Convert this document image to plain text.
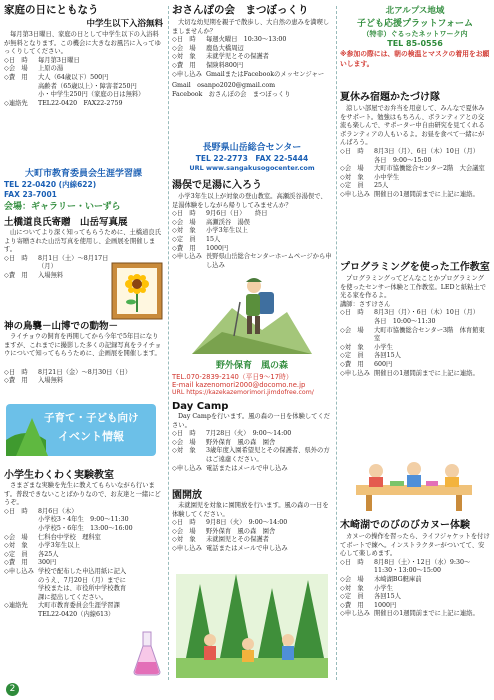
家庭の日にともなう

中学生以下入浴無料

毎月第3日曜日、家庭の日として中学生以下の入浴料が無料となります。この機会に大きなお風呂に入ってゆっくりしてください。

◇日　時	毎月第3日曜日
◇会　場	上原の湯
◇費　用	大人（64歳以下）500円
高齢者（65歳以上）・障害者250円
小・中学生250円（家庭の日は無料）
◇連絡先	TEL22-0420　FAX22-2759
大町市教育委員会生涯学習課
TEL 22-0420 (内線622)
FAX 23-7001
会場：ギャラリー・いーずら

土橋道良氏寄贈　山岳写真展

山についてより深く知ってもらうために、土橋道良氏より寄贈された山岳写真を使用し、企画展を開催します。

◇日　時	8月1日（土）～8月17日（月）
◇費　用	入場無料

神の鳥襲－山博での動物－

ライチョウの飼育を再開してから今年で5年目になりますが、これまでに撮影した多くの記録写真をライチョウについて知ってもらうために、企画展を開催します。

◇日　時	8月21日（金）～8月30日（日）
◇費　用	入場無料
子育て・子ども向け
イベント情報

小学生わくわく実験教室

さまざまな実験を先生に教えてもらいながら行います。普段できないことばかりなので、お友達と一緒にどうぞ。

◇日　時	8月6日（木）
小学校3・4年生　9:00～11:30
小学校5・6年生　13:00～16:00
◇会　場	仁科台中学校　理科室
◇対　象	小学3年生以上
◇定　員	各25人
◇費　用	300円
◇申し込み 学校で配布した申込用紙に記入のうえ、7月20日（月）までに学校または、市役所中学校教育課に提出してください。
◇連絡先	大町市教育委員会生涯学習課
TEL22-0420（内線613）
2

おさんぽの会　まつぼっくり

大切な幼児期を親子で散歩し、大自然の恵みを満喫しましませんか？

◇日　時	毎週火曜日　10:30～13:00
◇会　場	鹿島大橋周辺
◇対　象	未就学児とその保護者
◇費　用	保険料800円
◇申し込み GmailまたはFacebookのメッセンジャー

Gmail　osanpo2020@gmail.com

Facebook　おさんぽの会　まつぼっくり

長野県山岳総合センター
TEL 22-2773　FAX 22-5444
URL www.sangakusogocenter.com

湯俣で足湯に入ろう

小学3年生以上が対象の登山教室。高瀬渓谷湯俣で、足湯体験をしながら帰りしてみませんか？

◇日　時	9月6日（日）　　終日
◇会　場	高瀬渓谷　湯俣
◇対　象	小学3年生以上
◇定　員	15人
◇費　用	1000円
◇申し込み 長野県山岳総合センターホームページから申し込み
野外保育　風の森
TEL.070-2839-2140（平日9～17時）
E-mail kazenomori2000@docomo.ne.jp
URL https://kazekazemorimori.jimdofree.com/

Day Camp

Day Campを行います。風の森の一日を体験してください。

◇日　時	7月28日（火）　9:00～14:00
◇会　場	野外保育　風の森　園舎
◇対　象	3歳年度入園希望児とその保護者、県外の方はご遠慮ください。
◇申し込み 電話またはメールで申し込み

園開放

未就園児を対象に園開放を行います。風の森の一日を体験してください。

◇日　時	9月8日（火）　9:00～14:00
◇会　場	野外保育　風の森　園舎
◇対　象	未就園児とその保護者
◇申し込み 電話またはメールで申し込み
北アルプス地域
子ども応援プラットフォーム
（特非）ぐるったネットワーク内
TEL 85-0556
※参加の際には、朝の検温とマスクの着用をお願いします。

夏休み宿題かたづけ隊

涼しい部屋でお弁当を用意して、みんなで夏休みをサポート。勉強はもちろん、ボランティアとの交流も楽しんで、サポーター中自由研究を見てくれるボランティアの人もいるよ。お昼を食べて一緒にがんばろう。

◇日　時	8月3日（月）、6日（木）10日（月）
各日　9:00～15:00
◇会　場	大町市協働総合センター2階　大会議室
◇対　象	小中学生
◇定　員	25人
◇申し込み 開催日の1週間前までに上記に連絡。

プログラミングを使った工作教室

プログラミングってどんなことかプログラミングを使ったセンサー体験と工作教室。LEDと紙粘土で光る家を作るよ。

講師：さすけさん

◇日　時	8月3日（月）・6日（木）10日（月）
各日　10:00～11:30
◇会　場	大町市協働総合センター3階　体育館東室
◇対　象	小学生
◇定　員	各回15人
◇費　用	600円
◇申し込み 開催日の1週間前までに上記に連絡。

木崎湖でのびのびカヌー体験

カヌーの操作を習ったら、ライフジャケットを付けてボートで練へ。インストラクターがついてて、安心して楽しめます。

◇日　時	8月8日（土）・12日（水）9:30～11:30・13:00～15:00
◇会　場	木崎湖BG艇庫前
◇対　象	小学生
◇定　員	各回15人
◇費　用	1000円
◇申し込み 開催日の1週間前までに上記に連絡。
